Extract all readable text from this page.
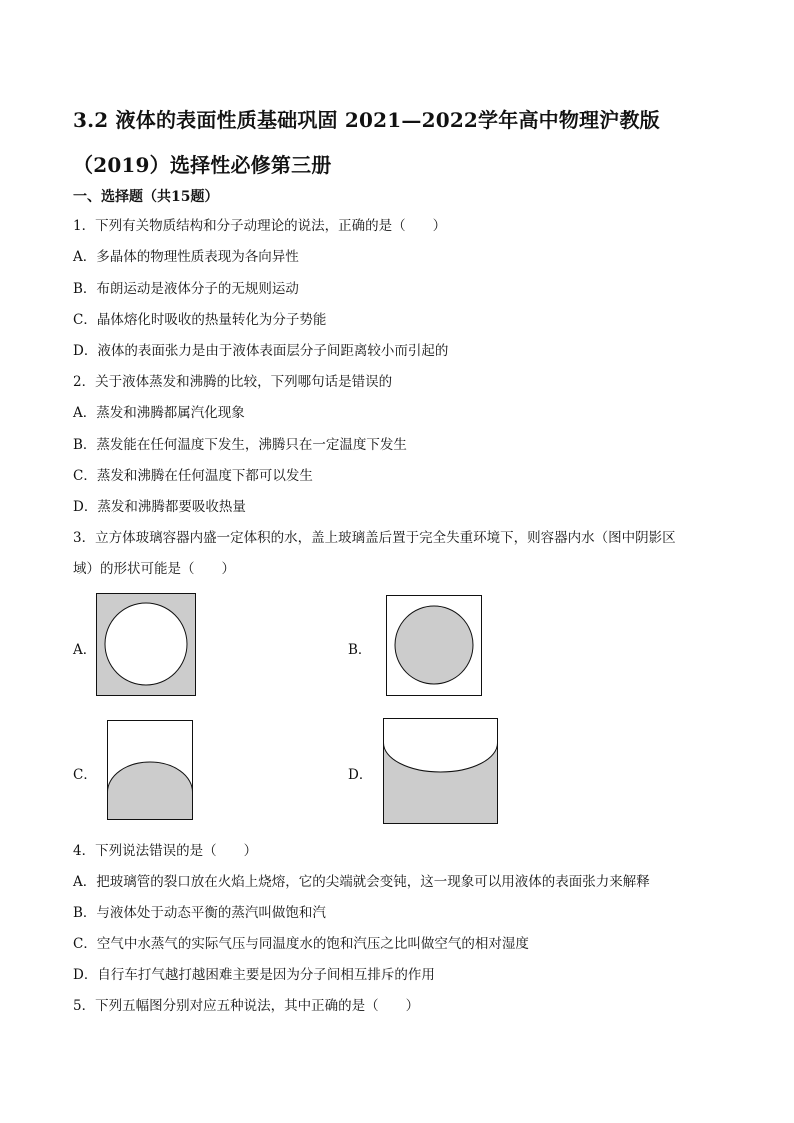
3.2 液体的表面性质基础巩固 2021—2022学年高中物理沪教版
（2019）选择性必修第三册
一、选择题（共15题）
1．下列有关物质结构和分子动理论的说法，正确的是（　　）
A．多晶体的物理性质表现为各向异性
B．布朗运动是液体分子的无规则运动
C．晶体熔化时吸收的热量转化为分子势能
D．液体的表面张力是由于液体表面层分子间距离较小而引起的
2．关于液体蒸发和沸腾的比较，下列哪句话是错误的
A．蒸发和沸腾都属汽化现象
B．蒸发能在任何温度下发生，沸腾只在一定温度下发生
C．蒸发和沸腾在任何温度下都可以发生
D．蒸发和沸腾都要吸收热量
3．立方体玻璃容器内盛一定体积的水，盖上玻璃盖后置于完全失重环境下，则容器内水（图中阴影区
域）的形状可能是（　　）
A．	B．
C．	D．
4．下列说法错误的是（　　）
A．把玻璃管的裂口放在火焰上烧熔，它的尖端就会变钝，这一现象可以用液体的表面张力来解释
B．与液体处于动态平衡的蒸汽叫做饱和汽
C．空气中水蒸气的实际气压与同温度水的饱和汽压之比叫做空气的相对湿度
D．自行车打气越打越困难主要是因为分子间相互排斥的作用
5．下列五幅图分别对应五种说法，其中正确的是（　　）
